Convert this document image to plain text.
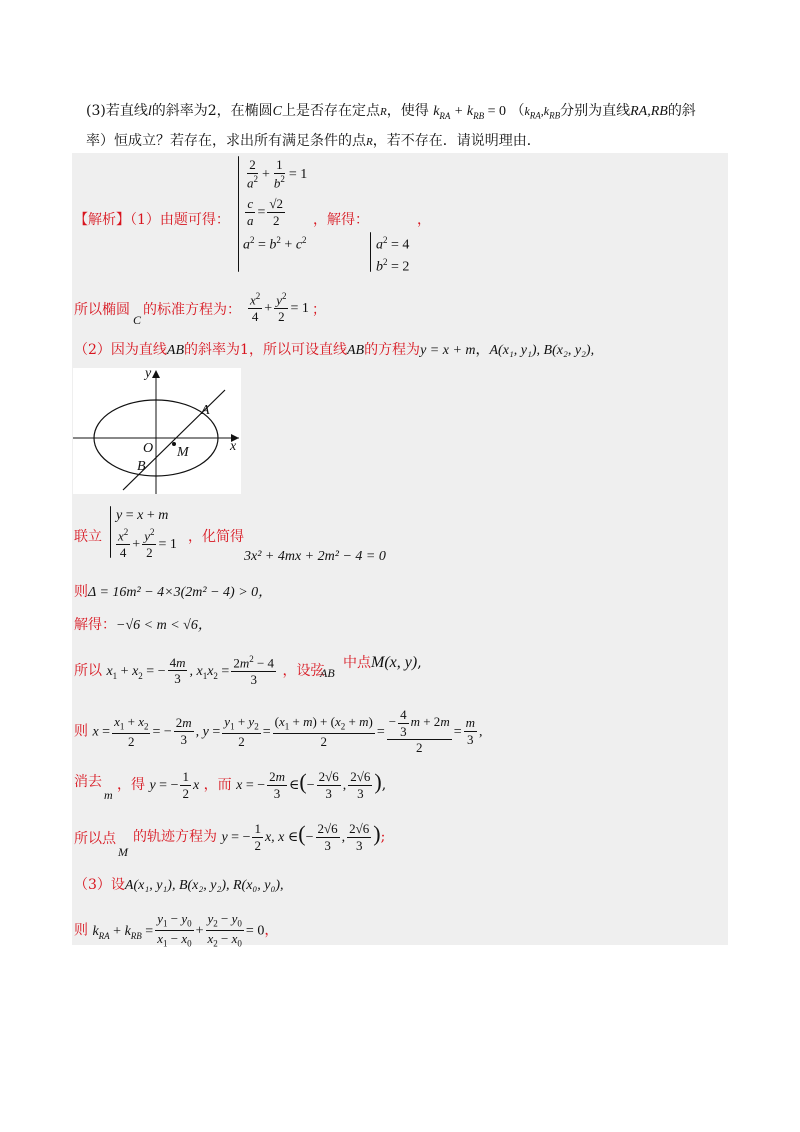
(3)若直线l的斜率为2，在椭圆C上是否存在定点R，使得 $k_{RA} + k_{RB} = 0$ （$k_{RA},k_{RB}$分别为直线RA,RB的斜
率）恒成立？若存在，求出所有满足条件的点R，若不存在．请说明理由．
$\frac{2}{a^2} + \frac{1}{b^2} = 1$
$\frac{c}{a} = \frac{√2}{2}$
$a^2 = b^2 + c^2$
【解析】（1）由题可得：	，解得：	，
$a^2 = 4$
$b^2 = 2$
所以椭圆
C
的标准方程为： $\frac{x^2}{4} + \frac{y^2}{2} = 1$ ；
（2）因为直线AB的斜率为1，所以可设直线AB的方程为y = x + m，A(x₁, y₁), B(x₂, y₂),
y
x
O
A
B
M
联立
y = x + m
$\frac{x^2}{4} + \frac{y^2}{2} = 1$ ，化简得
3x² + 4mx + 2m² − 4 = 0
则Δ = 16m² − 4×3(2m² − 4) > 0，
解得：−√6 < m < √6，
所以 $x_1 + x_2$ = − $\frac{4m}{3}$ , $x_1x_2 = \frac{2m^2 - 4}{3}$ ，设弦
AB
中点M(x, y),
则 $x = \frac{x_1 + x_2}{2}$ = − $\frac{2m}{3}$ , $y = \frac{y_1 + y_2}{2} = \frac{(x_1 + m) + (x_2 + m)}{2} = \frac{- \frac{4}{3} m + 2m}{2} = \frac{m}{3}$ ,
消去
m
，得 y = − $\frac{1}{2}$ x ，而 x = − $\frac{2m}{3}$ ∈(− $\frac{2√6}{3}$ , $\frac{2√6}{3}$ ),
所以点
M
的轨迹方程为 y = − $\frac{1}{2} x$, x ∈(− $\frac{2√6}{3}$ , $\frac{2√6}{3}$ );
（3）设A(x₁, y₁), B(x₂, y₂), R(x₀, y₀),
则 $k_{RA} + k_{RB} = \frac{y_1 - y_0}{x_1 - x_0} + \frac{y_2 - y_0}{x_2 - x_0} = 0$，
